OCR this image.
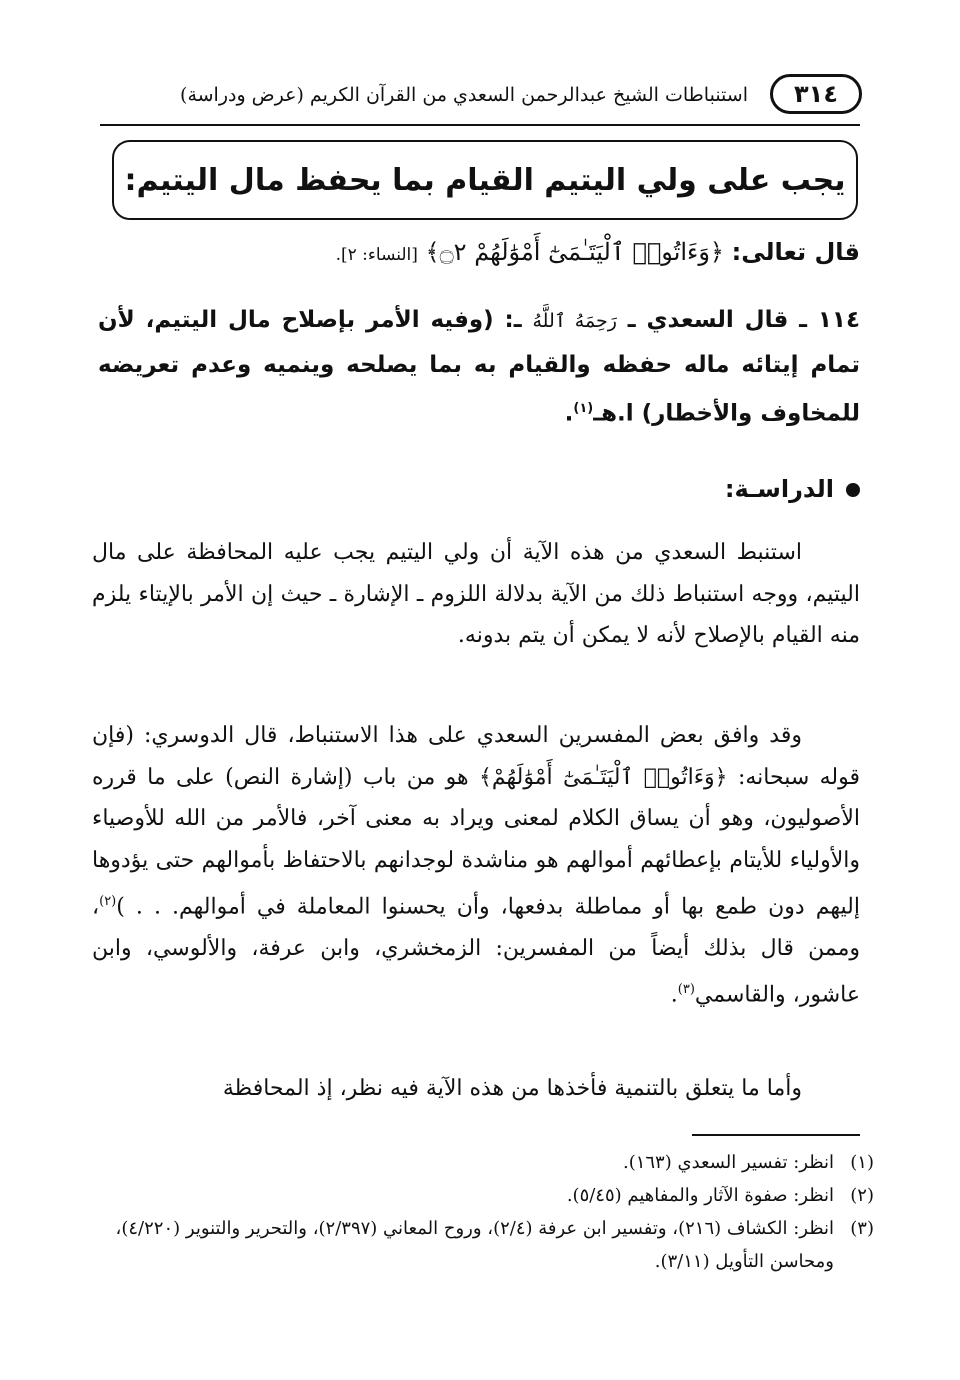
٣١٤
استنباطات الشيخ عبدالرحمن السعدي من القرآن الكريم (عرض ودراسة)
يجب على ولي اليتيم القيام بما يحفظ مال اليتيم:
قال تعالى: ﴿وَءَاتُوا۟ ٱلْيَتَـٰمَىٰٓ أَمْوَٰلَهُمْ ۝٢﴾ [النساء: ٢].
١١٤ ـ قال السعدي ـ رَحِمَهُ ٱللَّهُ ـ: (وفيه الأمر بإصلاح مال اليتيم، لأن تمام إيتائه ماله حفظه والقيام به بما يصلحه وينميه وعدم تعريضه للمخاوف والأخطار) ا.هـ$^{(١)}$.
الدراسـة:
استنبط السعدي من هذه الآية أن ولي اليتيم يجب عليه المحافظة على مال اليتيم، ووجه استنباط ذلك من الآية بدلالة اللزوم ـ الإشارة ـ حيث إن الأمر بالإيتاء يلزم منه القيام بالإصلاح لأنه لا يمكن أن يتم بدونه.
وقد وافق بعض المفسرين السعدي على هذا الاستنباط، قال الدوسري: (فإن قوله سبحانه: ﴿وَءَاتُوا۟ ٱلْيَتَـٰمَىٰٓ أَمْوَٰلَهُمْ﴾ هو من باب (إشارة النص) على ما قرره الأصوليون، وهو أن يساق الكلام لمعنى ويراد به معنى آخر، فالأمر من الله للأوصياء والأولياء للأيتام بإعطائهم أموالهم هو مناشدة لوجدانهم بالاحتفاظ بأموالهم حتى يؤدوها إليهم دون طمع بها أو مماطلة بدفعها، وأن يحسنوا المعاملة في أموالهم. . . )$^{(٢)}$، وممن قال بذلك أيضاً من المفسرين: الزمخشري، وابن عرفة، والألوسي، وابن عاشور، والقاسمي$^{(٣)}$.
وأما ما يتعلق بالتنمية فأخذها من هذه الآية فيه نظر، إذ المحافظة
(١)
انظر: تفسير السعدي (١٦٣).
(٢)
انظر: صفوة الآثار والمفاهيم (٥/٤٥).
(٣)
انظر: الكشاف (٢١٦)، وتفسير ابن عرفة (٢/٤)، وروح المعاني (٢/٣٩٧)، والتحرير والتنوير (٤/٢٢٠)، ومحاسن التأويل (٣/١١).
